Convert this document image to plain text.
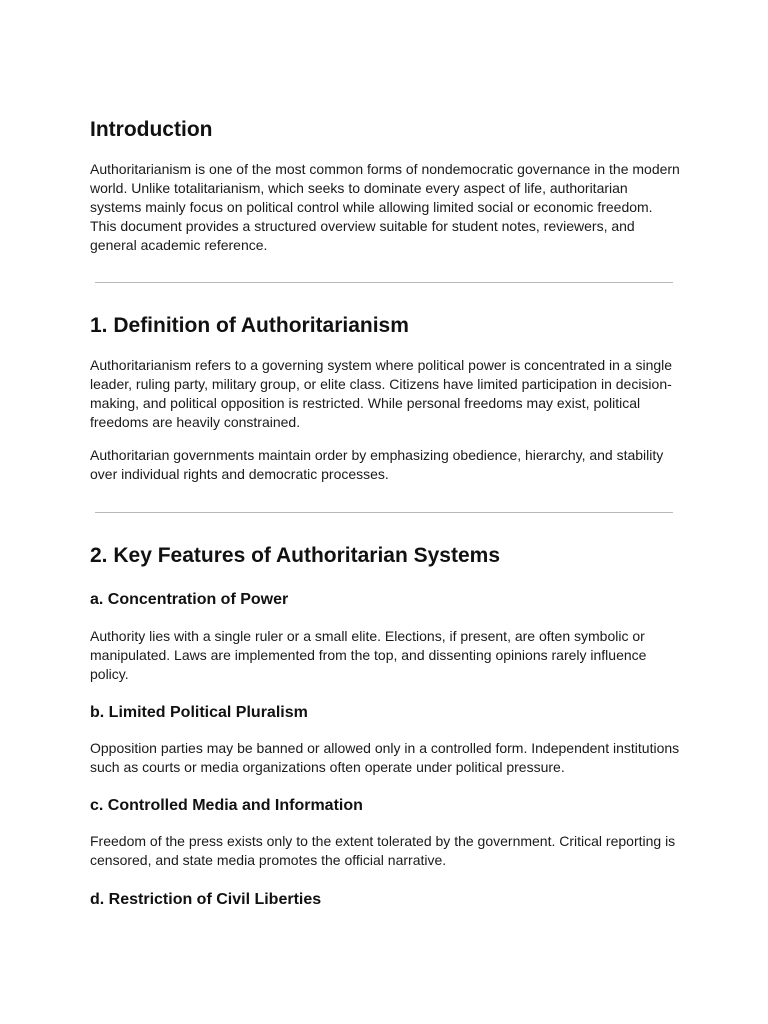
Introduction

Authoritarianism is one of the most common forms of nondemocratic governance in the modern world. Unlike totalitarianism, which seeks to dominate every aspect of life, authoritarian systems mainly focus on political control while allowing limited social or economic freedom. This document provides a structured overview suitable for student notes, reviewers, and general academic reference.

1. Definition of Authoritarianism

Authoritarianism refers to a governing system where political power is concentrated in a single leader, ruling party, military group, or elite class. Citizens have limited participation in decision-making, and political opposition is restricted. While personal freedoms may exist, political freedoms are heavily constrained.

Authoritarian governments maintain order by emphasizing obedience, hierarchy, and stability over individual rights and democratic processes.

2. Key Features of Authoritarian Systems
a. Concentration of Power

Authority lies with a single ruler or a small elite. Elections, if present, are often symbolic or manipulated. Laws are implemented from the top, and dissenting opinions rarely influence policy.

b. Limited Political Pluralism

Opposition parties may be banned or allowed only in a controlled form. Independent institutions such as courts or media organizations often operate under political pressure.

c. Controlled Media and Information

Freedom of the press exists only to the extent tolerated by the government. Critical reporting is censored, and state media promotes the official narrative.

d. Restriction of Civil Liberties
